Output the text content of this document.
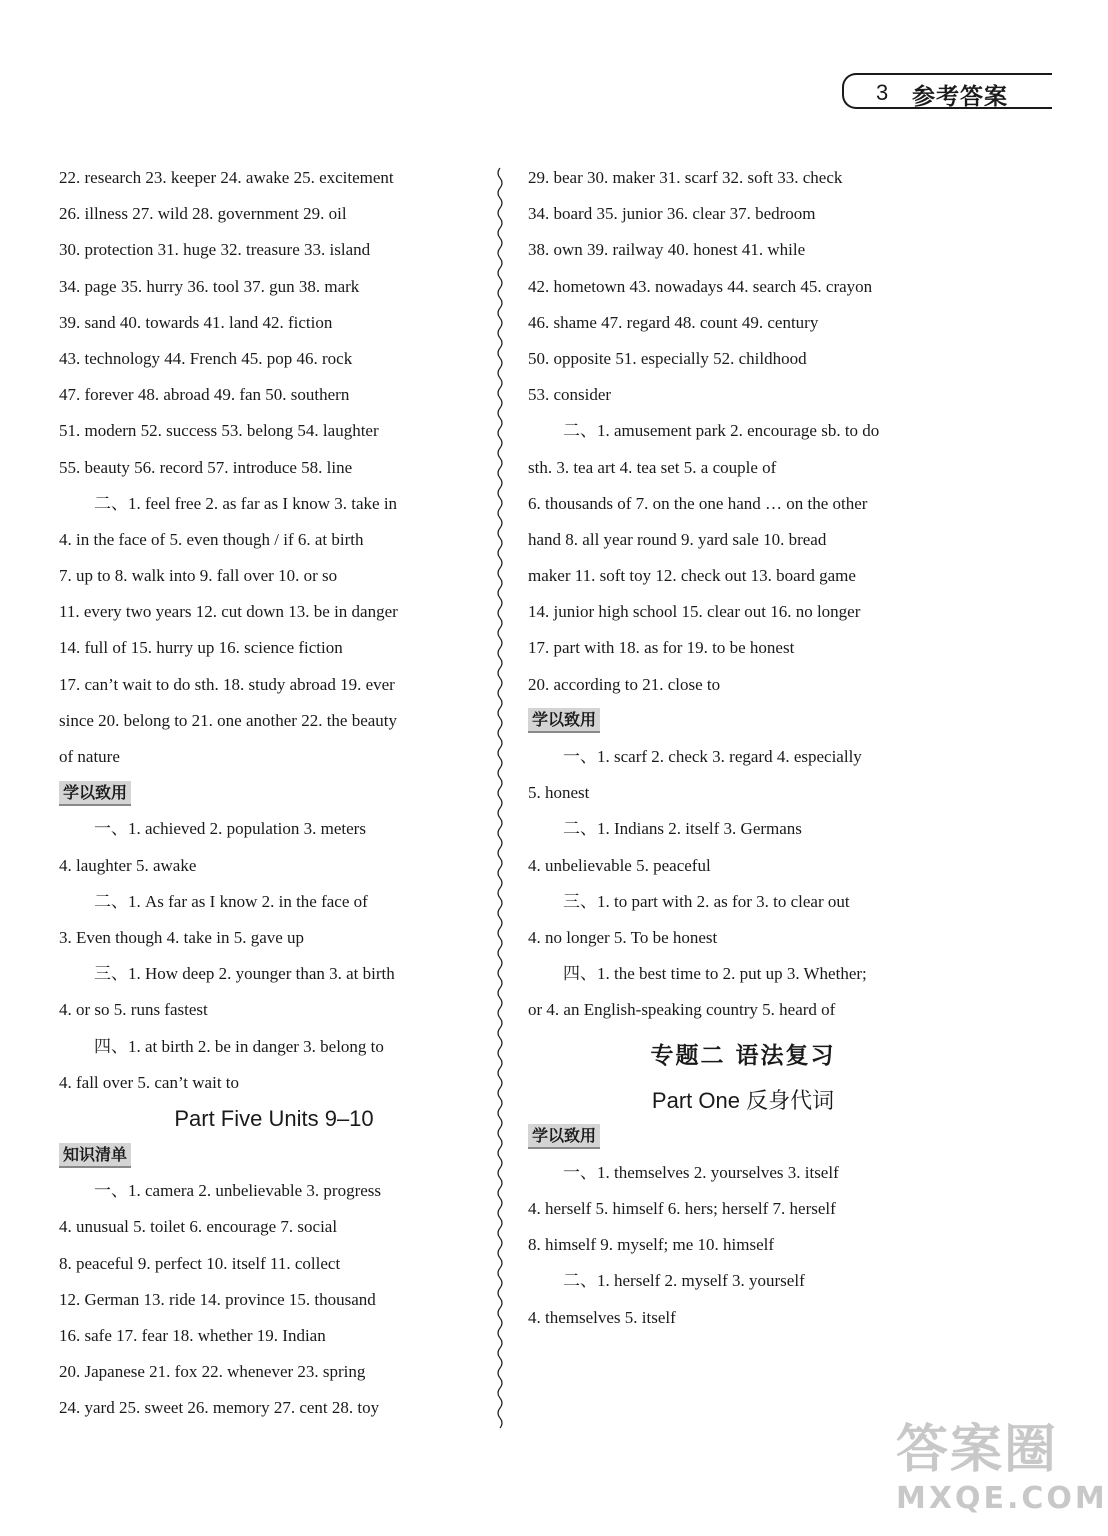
3 参考答案
22. research 23. keeper 24. awake 25. excitement
26. illness 27. wild 28. government 29. oil
30. protection 31. huge 32. treasure 33. island
34. page 35. hurry 36. tool 37. gun 38. mark
39. sand 40. towards 41. land 42. fiction
43. technology 44. French 45. pop 46. rock
47. forever 48. abroad 49. fan 50. southern
51. modern 52. success 53. belong 54. laughter
55. beauty 56. record 57. introduce 58. line
二、1. feel free 2. as far as I know 3. take in
4. in the face of 5. even though / if 6. at birth
7. up to 8. walk into 9. fall over 10. or so
11. every two years 12. cut down 13. be in danger
14. full of 15. hurry up 16. science fiction
17. can’t wait to do sth. 18. study abroad 19. ever
since 20. belong to 21. one another 22. the beauty
of nature
学以致用
一、1. achieved 2. population 3. meters
4. laughter 5. awake
二、1. As far as I know 2. in the face of
3. Even though 4. take in 5. gave up
三、1. How deep 2. younger than 3. at birth
4. or so 5. runs fastest
四、1. at birth 2. be in danger 3. belong to
4. fall over 5. can’t wait to
Part Five Units 9–10
知识清单
一、1. camera 2. unbelievable 3. progress
4. unusual 5. toilet 6. encourage 7. social
8. peaceful 9. perfect 10. itself 11. collect
12. German 13. ride 14. province 15. thousand
16. safe 17. fear 18. whether 19. Indian
20. Japanese 21. fox 22. whenever 23. spring
24. yard 25. sweet 26. memory 27. cent 28. toy
29. bear 30. maker 31. scarf 32. soft 33. check
34. board 35. junior 36. clear 37. bedroom
38. own 39. railway 40. honest 41. while
42. hometown 43. nowadays 44. search 45. crayon
46. shame 47. regard 48. count 49. century
50. opposite 51. especially 52. childhood
53. consider
二、1. amusement park 2. encourage sb. to do
sth. 3. tea art 4. tea set 5. a couple of
6. thousands of 7. on the one hand … on the other
hand 8. all year round 9. yard sale 10. bread
maker 11. soft toy 12. check out 13. board game
14. junior high school 15. clear out 16. no longer
17. part with 18. as for 19. to be honest
20. according to 21. close to
学以致用
一、1. scarf 2. check 3. regard 4. especially
5. honest
二、1. Indians 2. itself 3. Germans
4. unbelievable 5. peaceful
三、1. to part with 2. as for 3. to clear out
4. no longer 5. To be honest
四、1. the best time to 2. put up 3. Whether;
or 4. an English-speaking country 5. heard of
专题二 语法复习
Part One 反身代词
学以致用
一、1. themselves 2. yourselves 3. itself
4. herself 5. himself 6. hers; herself 7. herself
8. himself 9. myself; me 10. himself
二、1. herself 2. myself 3. yourself
4. themselves 5. itself
答案圈
MXQE.COM
